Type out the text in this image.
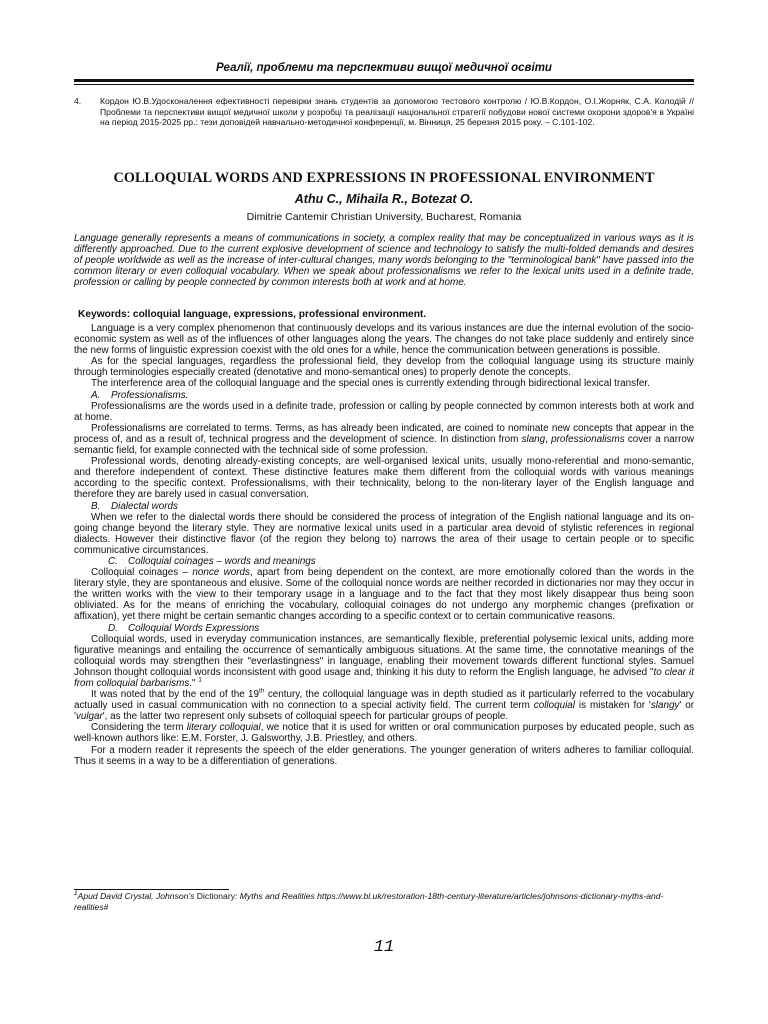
Реалії, проблеми та перспективи вищої медичної освіти
4.	Кордон Ю.В.Удосконалення ефективності перевірки знань студентів за допомогою тестового контролю / Ю.В.Кордон, О.І.Жорняк, С.А. Колодій //Проблеми та перспективи вищої медичної школи у розробці та реалізації національної стратегії побудови нової системи охорони здоров'я в Україні на період 2015-2025 рр.: тези доповідей навчально-методичної конференції, м. Вінниця, 25 березня 2015 року. – С.101-102.
COLLOQUIAL WORDS AND EXPRESSIONS IN PROFESSIONAL ENVIRONMENT
Athu C., Mihaila R., Botezat O.
Dimitrie Cantemir Christian University, Bucharest, Romania
Language generally represents a means of communications in society, a complex reality that may be conceptualized in various ways as it is differently approached. Due to the current explosive development of science and technology to satisfy the multi-folded demands and desires of people worldwide as well as the increase of inter-cultural changes, many words belonging to the "terminological bank" have passed into the common literary or even colloquial vocabulary. When we speak about professionalisms we refer to the lexical units used in a definite trade, profession or calling by people connected by common interests both at work and at home.
Keywords: colloquial language, expressions, professional environment.

Language is a very complex phenomenon that continuously develops and its various instances are due the internal evolution of the socio-economic system as well as of the influences of other languages along the years. The changes do not take place suddenly and entirely since the new forms of linguistic expression coexist with the old ones for a while, hence the communication between generations is possible.

As for the special languages, regardless the professional field, they develop from the colloquial language using its structure mainly through terminologies especially created (denotative and mono-semantical ones) to properly denote the concepts.

The interference area of the colloquial language and the special ones is currently extending through bidirectional lexical transfer.

A. Professionalisms.

Professionalisms are the words used in a definite trade, profession or calling by people connected by common interests both at work and at home.

Professionalisms are correlated to terms. Terms, as has already been indicated, are coined to nominate new concepts that appear in the process of, and as a result of, technical progress and the development of science. In distinction from slang, professionalisms cover a narrow semantic field, for example connected with the technical side of some profession.

Professional words, denoting already-existing concepts, are well-organised lexical units, usually mono-referential and mono-semantic, and therefore independent of context. These distinctive features make them different from the colloquial words with various meanings according to the specific context. Professionalisms, with their technicality, belong to the non-literary layer of the English language and therefore they are barely used in casual conversation.

B. Dialectal words

When we refer to the dialectal words there should be considered the process of integration of the English national language and its on-going change beyond the literary style. They are normative lexical units used in a particular area devoid of stylistic references in regional dialects. However their distinctive flavor (of the region they belong to) narrows the area of their usage to certain people or to specific communicative circumstances.

C. Colloquial coinages – words and meanings

Colloquial coinages – nonce words, apart from being dependent on the context, are more emotionally colored than the words in the literary style, they are spontaneous and elusive. Some of the colloquial nonce words are neither recorded in dictionaries nor may they occur in the written works with the view to their temporary usage in a language and to the fact that they most likely disappear thus being soon obliviated. As for the means of enriching the vocabulary, colloquial coinages do not undergo any morphemic changes (prefixation or affixation), yet there might be certain semantic changes according to a specific context or to certain communicative reasons.

D. Colloquial Words Expressions

Colloquial words, used in everyday communication instances, are semantically flexible, preferential polysemic lexical units, adding more figurative meanings and entailing the occurrence of semantically ambiguous situations. At the same time, the connotative meanings of the colloquial words may strengthen their "everlastingness" in language, enabling their movement towards different functional styles. Samuel Johnson thought colloquial words inconsistent with good usage and, thinking it his duty to reform the English language, he advised "to clear it from colloquial barbarisms." $^1$

It was noted that by the end of the 19th century, the colloquial language was in depth studied as it particularly referred to the vocabulary actually used in casual communication with no connection to a special activity field. The current term colloquial is mistaken for 'slangy' or 'vulgar', as the latter two represent only subsets of colloquial speech for particular groups of people.

Considering the term literary colloquial, we notice that it is used for written or oral communication purposes by educated people, such as well-known authors like: E.M. Forster, J. Galsworthy, J.B. Priestley, and others.

For a modern reader it represents the speech of the elder generations. The younger generation of writers adheres to familiar colloquial. Thus it seems in a way to be a differentiation of generations.

$^1$Apud David Crystal, Johnson's Dictionary: Myths and Realities https://www.bl.uk/restoration-18th-century-literature/articles/johnsons-dictionary-myths-and-realities#
11
